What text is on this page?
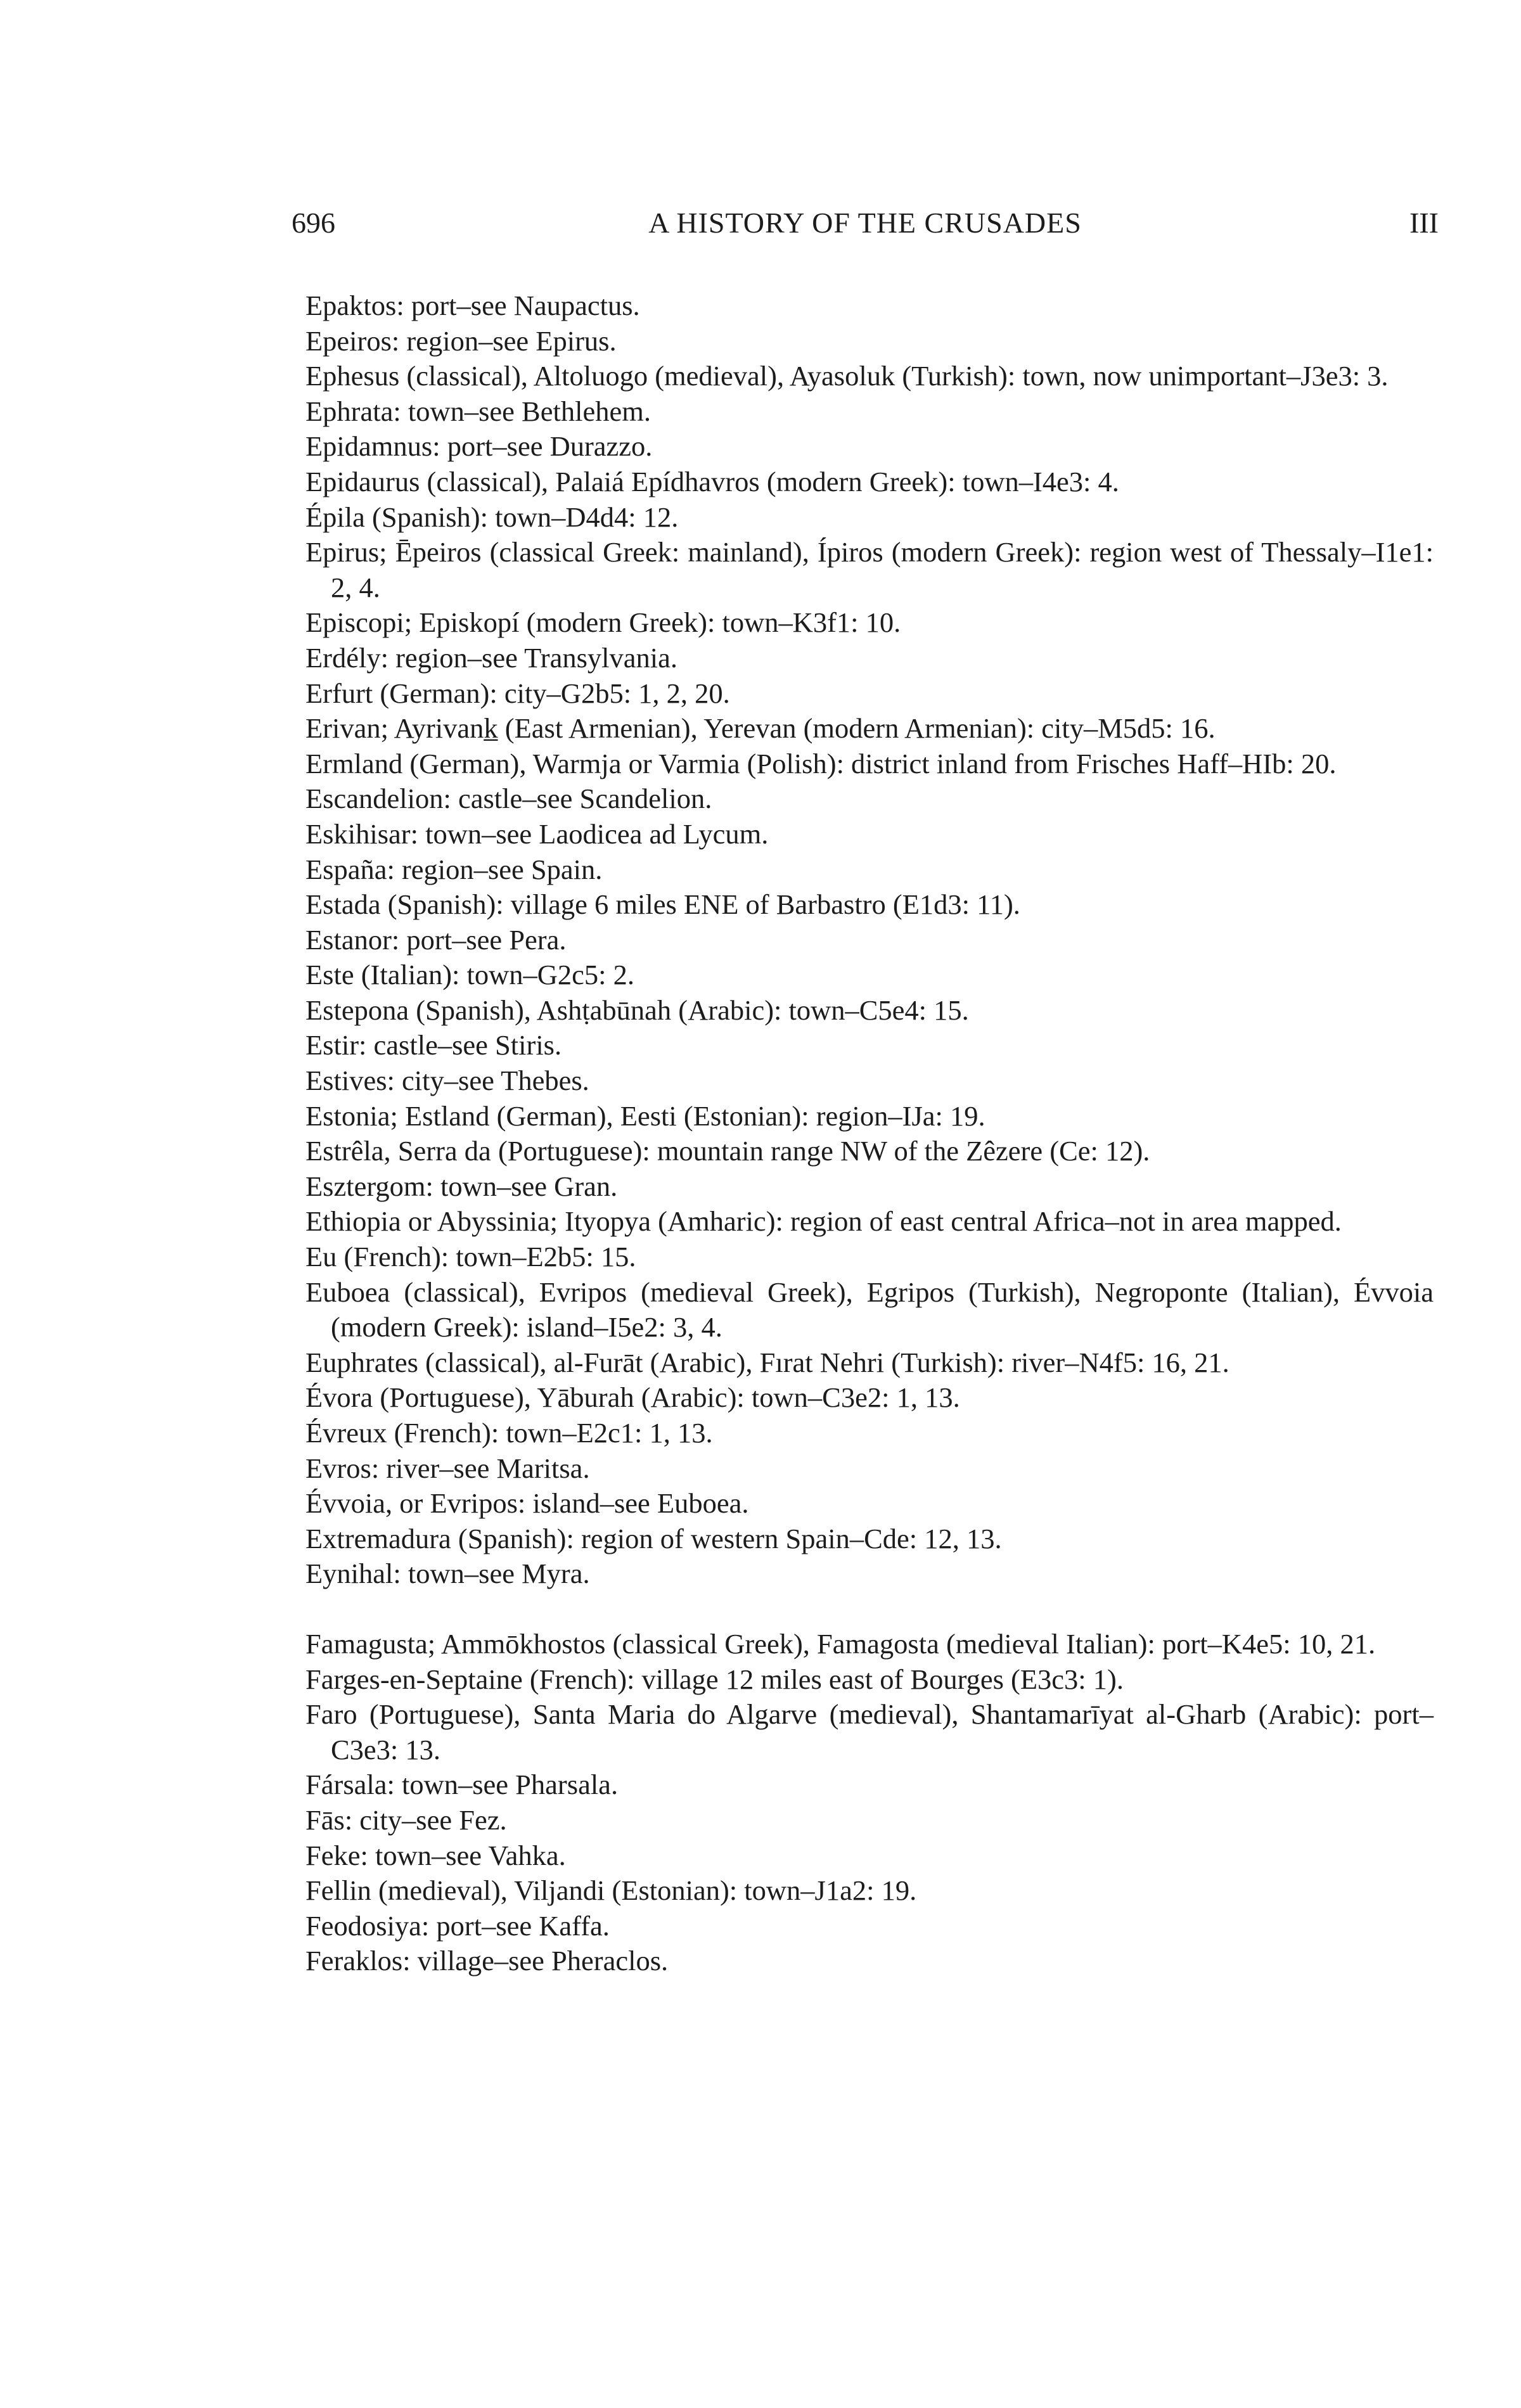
696	A HISTORY OF THE CRUSADES	III

Epaktos: port–see Naupactus.

Epeiros: region–see Epirus.

Ephesus (classical), Altoluogo (medieval), Ayasoluk (Turkish): town, now unimportant–J3e3: 3.

Ephrata: town–see Bethlehem.

Epidamnus: port–see Durazzo.

Epidaurus (classical), Palaiá Epídhavros (modern Greek): town–I4e3: 4.

Épila (Spanish): town–D4d4: 12.

Epirus; Ēpeiros (classical Greek: mainland), Ípiros (modern Greek): region west of Thessaly–I1e1: 2, 4.

Episcopi; Episkopí (modern Greek): town–K3f1: 10.

Erdély: region–see Transylvania.

Erfurt (German): city–G2b5: 1, 2, 20.

Erivan; Ayrivank̲ (East Armenian), Yerevan (modern Armenian): city–M5d5: 16.

Ermland (German), Warmja or Varmia (Polish): district inland from Frisches Haff–HIb: 20.

Escandelion: castle–see Scandelion.

Eskihisar: town–see Laodicea ad Lycum.

España: region–see Spain.

Estada (Spanish): village 6 miles ENE of Barbastro (E1d3: 11).

Estanor: port–see Pera.

Este (Italian): town–G2c5: 2.

Estepona (Spanish), Ashṭabūnah (Arabic): town–C5e4: 15.

Estir: castle–see Stiris.

Estives: city–see Thebes.

Estonia; Estland (German), Eesti (Estonian): region–IJa: 19.

Estrêla, Serra da (Portuguese): mountain range NW of the Zêzere (Ce: 12).

Esztergom: town–see Gran.

Ethiopia or Abyssinia; Ityopya (Amharic): region of east central Africa–not in area mapped.

Eu (French): town–E2b5: 15.

Euboea (classical), Evripos (medieval Greek), Egripos (Turkish), Negroponte (Italian), Évvoia (modern Greek): island–I5e2: 3, 4.

Euphrates (classical), al-Furāt (Arabic), Fırat Nehri (Turkish): river–N4f5: 16, 21.

Évora (Portuguese), Yāburah (Arabic): town–C3e2: 1, 13.

Évreux (French): town–E2c1: 1, 13.

Evros: river–see Maritsa.

Évvoia, or Evripos: island–see Euboea.

Extremadura (Spanish): region of western Spain–Cde: 12, 13.

Eynihal: town–see Myra.

Famagusta; Ammōkhostos (classical Greek), Famagosta (medieval Italian): port–K4e5: 10, 21.

Farges-en-Septaine (French): village 12 miles east of Bourges (E3c3: 1).

Faro (Portuguese), Santa Maria do Algarve (medieval), Shantamarīyat al-Gharb (Arabic): port–C3e3: 13.

Fársala: town–see Pharsala.

Fās: city–see Fez.

Feke: town–see Vahka.

Fellin (medieval), Viljandi (Estonian): town–J1a2: 19.

Feodosiya: port–see Kaffa.

Feraklos: village–see Pheraclos.
